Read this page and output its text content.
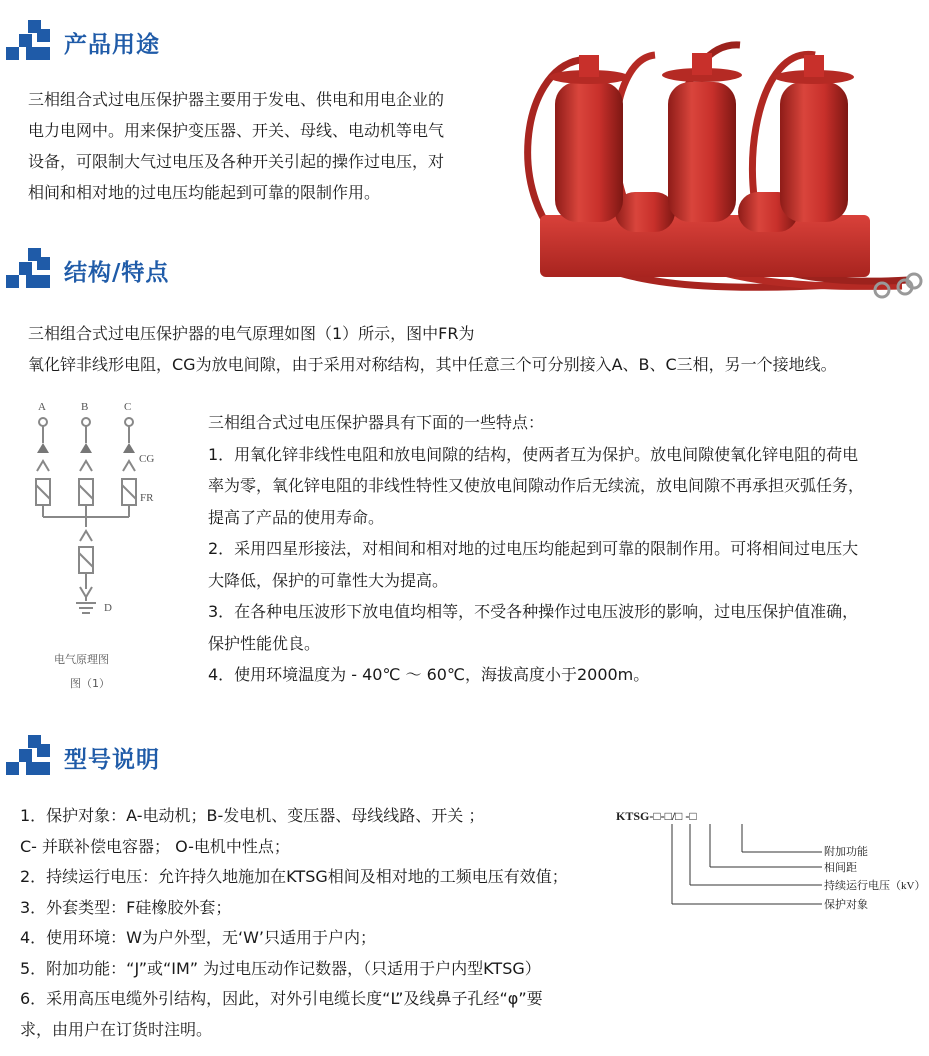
产品用途
三相组合式过电压保护器主要用于发电、供电和用电企业的
电力电网中。用来保护变压器、开关、母线、电动机等电气
设备，可限制大气过电压及各种开关引起的操作过电压，对
相间和相对地的过电压均能起到可靠的限制作用。
结构/特点
三相组合式过电压保护器的电气原理如图（1）所示，图中FR为
氧化锌非线形电阻，CG为放电间隙，由于采用对称结构，其中任意三个可分别接入A、B、C三相，另一个接地线。
A	B	C
CG
FR
D
电气原理图
图（1）
三相组合式过电压保护器具有下面的一些特点：
1．用氧化锌非线性电阻和放电间隙的结构，使两者互为保护。放电间隙使氧化锌电阻的荷电
率为零，氧化锌电阻的非线性特性又使放电间隙动作后无续流，放电间隙不再承担灭弧任务，
提高了产品的使用寿命。
2．采用四星形接法，对相间和相对地的过电压均能起到可靠的限制作用。可将相间过电压大
大降低，保护的可靠性大为提高。
3．在各种电压波形下放电值均相等，不受各种操作过电压波形的影响，过电压保护值准确，
保护性能优良。
4．使用环境温度为 - 40℃ ～ 60℃，海拔高度小于2000m。
型号说明
1．保护对象：A-电动机；B-发电机、变压器、母线线路、开关 ；
C- 并联补偿电容器； O-电机中性点；
2．持续运行电压：允许持久地施加在KTSG相间及相对地的工频电压有效值；
3．外套类型：F硅橡胶外套；
4．使用环境：W为户外型，无‘W’只适用于户内；
5．附加功能：“J”或“IM” 为过电压动作记数器，（只适用于户内型KTSG）
6．采用高压电缆外引结构，因此，对外引电缆长度“L”及线鼻子孔经“φ”要
求，由用户在订货时注明。
KTSG-□-□/□ -□
附加功能
相间距
持续运行电压（kV）
保护对象
